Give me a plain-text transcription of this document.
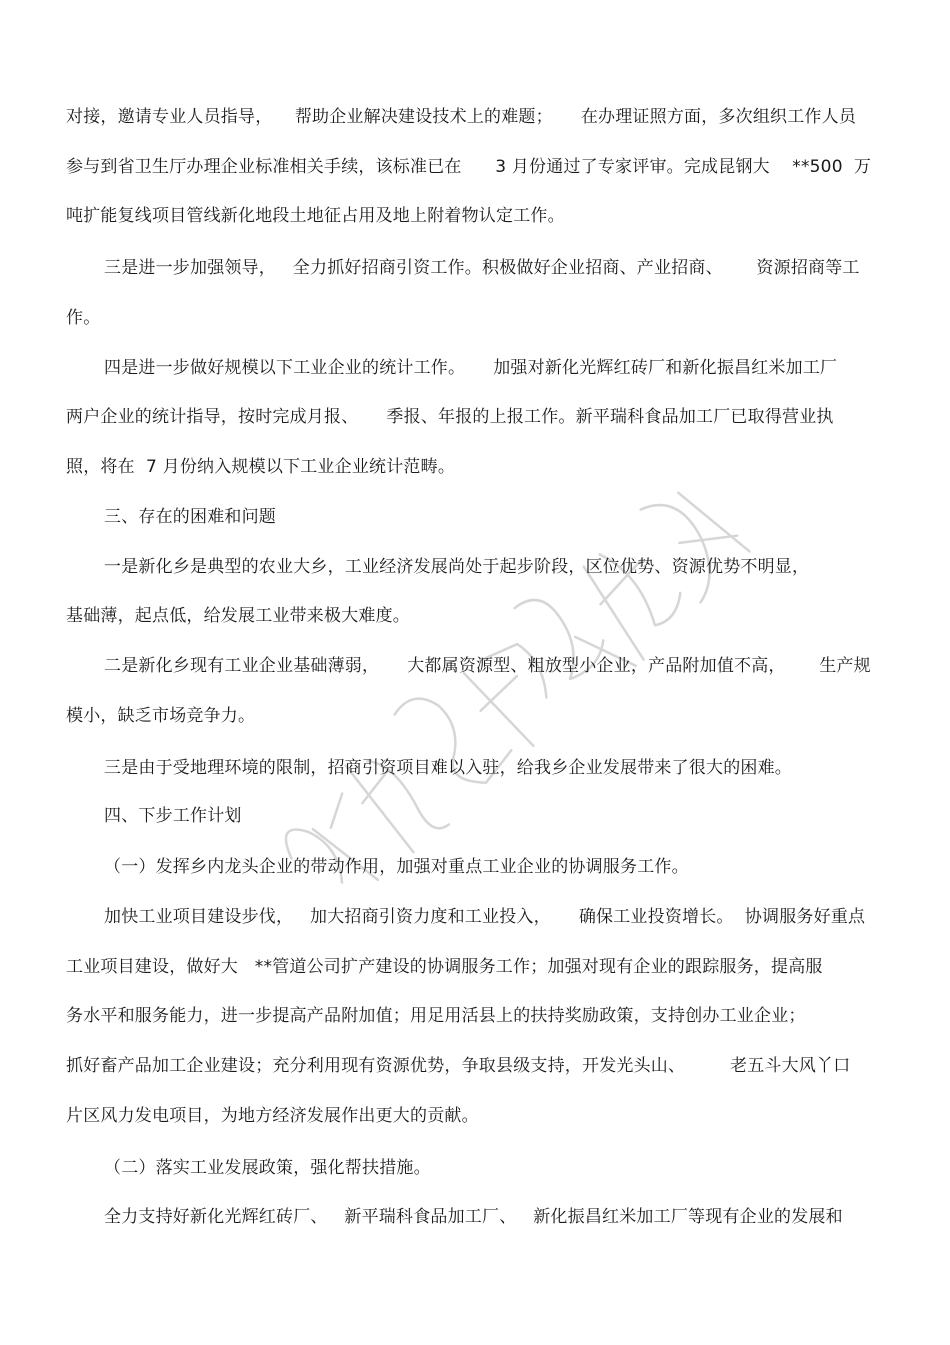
对接，邀请专业人员指导，    帮助企业解决建设技术上的难题；     在办理证照方面，多次组织工作人员
参与到省卫生厅办理企业标准相关手续，该标准已在      3 月份通过了专家评审。完成昆钢大    **500  万
吨扩能复线项目管线新化地段土地征占用及地上附着物认定工作。
三是进一步加强领导，   全力抓好招商引资工作。积极做好企业招商、产业招商、      资源招商等工
作。
四是进一步做好规模以下工业企业的统计工作。     加强对新化光辉红砖厂和新化振昌红米加工厂
两户企业的统计指导，按时完成月报、     季报、年报的上报工作。新平瑞科食品加工厂已取得营业执
照，将在  7 月份纳入规模以下工业企业统计范畴。
三、存在的困难和问题
一是新化乡是典型的农业大乡，工业经济发展尚处于起步阶段，区位优势、资源优势不明显，
基础薄，起点低，给发展工业带来极大难度。
二是新化乡现有工业企业基础薄弱，     大都属资源型、粗放型小企业，产品附加值不高，      生产规
模小，缺乏市场竞争力。
三是由于受地理环境的限制，招商引资项目难以入驻，给我乡企业发展带来了很大的困难。
四、下步工作计划
（一）发挥乡内龙头企业的带动作用，加强对重点工业企业的协调服务工作。
加快工业项目建设步伐，   加大招商引资力度和工业投入，     确保工业投资增长。  协调服务好重点
工业项目建设，做好大   **管道公司扩产建设的协调服务工作；加强对现有企业的跟踪服务，提高服
务水平和服务能力，进一步提高产品附加值；用足用活县上的扶持奖励政策，支持创办工业企业；
抓好畜产品加工企业建设；充分利用现有资源优势，争取县级支持，开发光头山、        老五斗大风丫口
片区风力发电项目，为地方经济发展作出更大的贡献。
（二）落实工业发展政策，强化帮扶措施。
全力支持好新化光辉红砖厂、   新平瑞科食品加工厂、   新化振昌红米加工厂等现有企业的发展和
